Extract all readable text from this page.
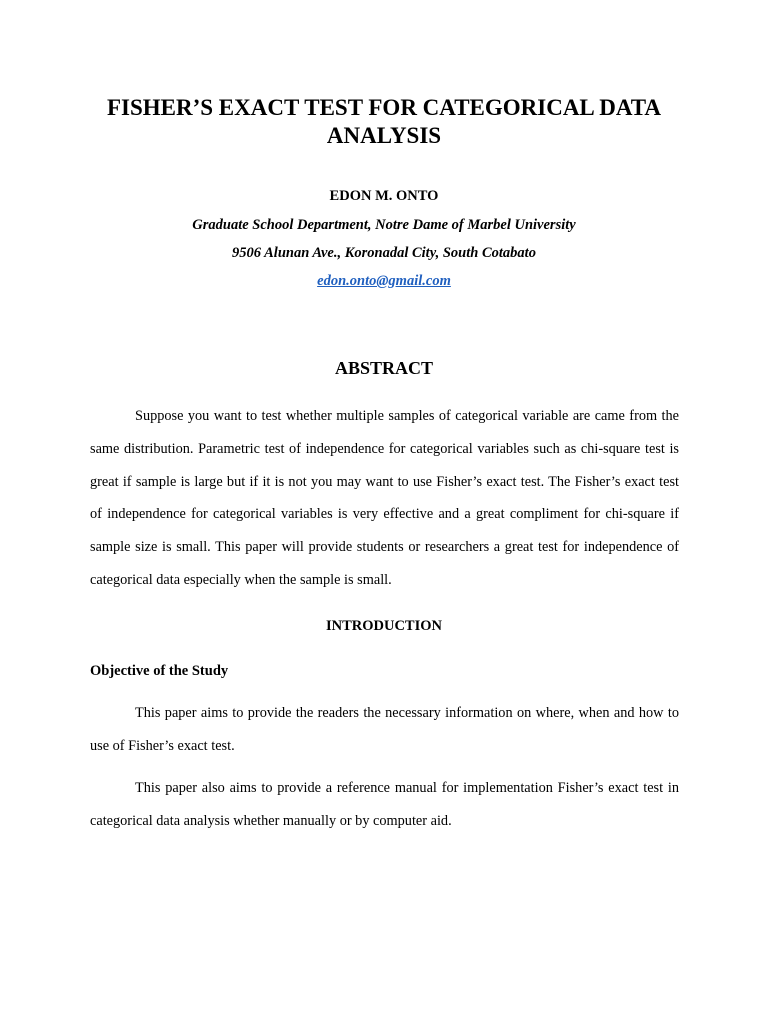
FISHER’S EXACT TEST FOR CATEGORICAL DATA
ANALYSIS

EDON M. ONTO

Graduate School Department, Notre Dame of Marbel University

9506 Alunan Ave., Koronadal City, South Cotabato

edon.onto@gmail.com

ABSTRACT

Suppose you want to test whether multiple samples of categorical variable are came from the same distribution. Parametric test of independence for categorical variables such as chi-square test is great if sample is large but if it is not you may want to use Fisher’s exact test. The Fisher’s exact test of independence for categorical variables is very effective and a great compliment for chi-square if sample size is small. This paper will provide students or researchers a great test for independence of categorical data especially when the sample is small.

INTRODUCTION
Objective of the Study

This paper aims to provide the readers the necessary information on where, when and how to use of Fisher’s exact test.

This paper also aims to provide a reference manual for implementation Fisher’s exact test in categorical data analysis whether manually or by computer aid.
